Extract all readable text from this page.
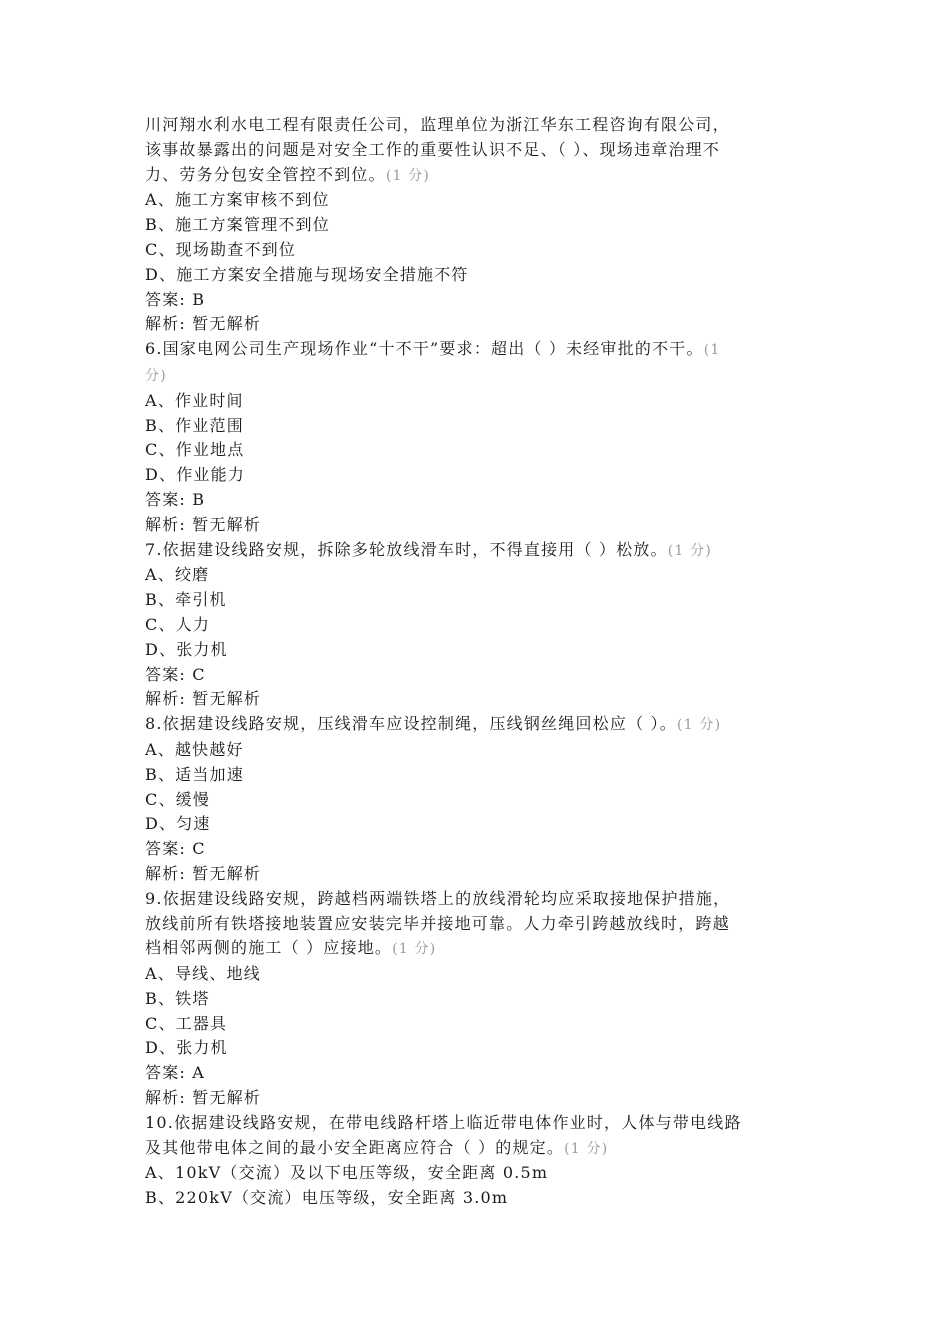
川河翔水利水电工程有限责任公司，监理单位为浙江华东工程咨询有限公司，
该事故暴露出的问题是对安全工作的重要性认识不足、（ ）、现场违章治理不
力、劳务分包安全管控不到位。(1 分)
A、施工方案审核不到位
B、施工方案管理不到位
C、现场勘查不到位
D、施工方案安全措施与现场安全措施不符
答案: B
解析: 暂无解析
6.国家电网公司生产现场作业“十不干”要求：超出（ ）未经审批的不干。(1
分)
A、作业时间
B、作业范围
C、作业地点
D、作业能力
答案: B
解析: 暂无解析
7.依据建设线路安规，拆除多轮放线滑车时，不得直接用（ ）松放。(1 分)
A、绞磨
B、牵引机
C、人力
D、张力机
答案: C
解析: 暂无解析
8.依据建设线路安规，压线滑车应设控制绳，压线钢丝绳回松应（ ）。(1 分)
A、越快越好
B、适当加速
C、缓慢
D、匀速
答案: C
解析: 暂无解析
9.依据建设线路安规，跨越档两端铁塔上的放线滑轮均应采取接地保护措施，
放线前所有铁塔接地装置应安装完毕并接地可靠。人力牵引跨越放线时，跨越
档相邻两侧的施工（ ）应接地。(1 分)
A、导线、地线
B、铁塔
C、工器具
D、张力机
答案: A
解析: 暂无解析
10.依据建设线路安规，在带电线路杆塔上临近带电体作业时，人体与带电线路
及其他带电体之间的最小安全距离应符合（ ）的规定。(1 分)
A、10kV（交流）及以下电压等级，安全距离 0.5m
B、220kV（交流）电压等级，安全距离 3.0m
